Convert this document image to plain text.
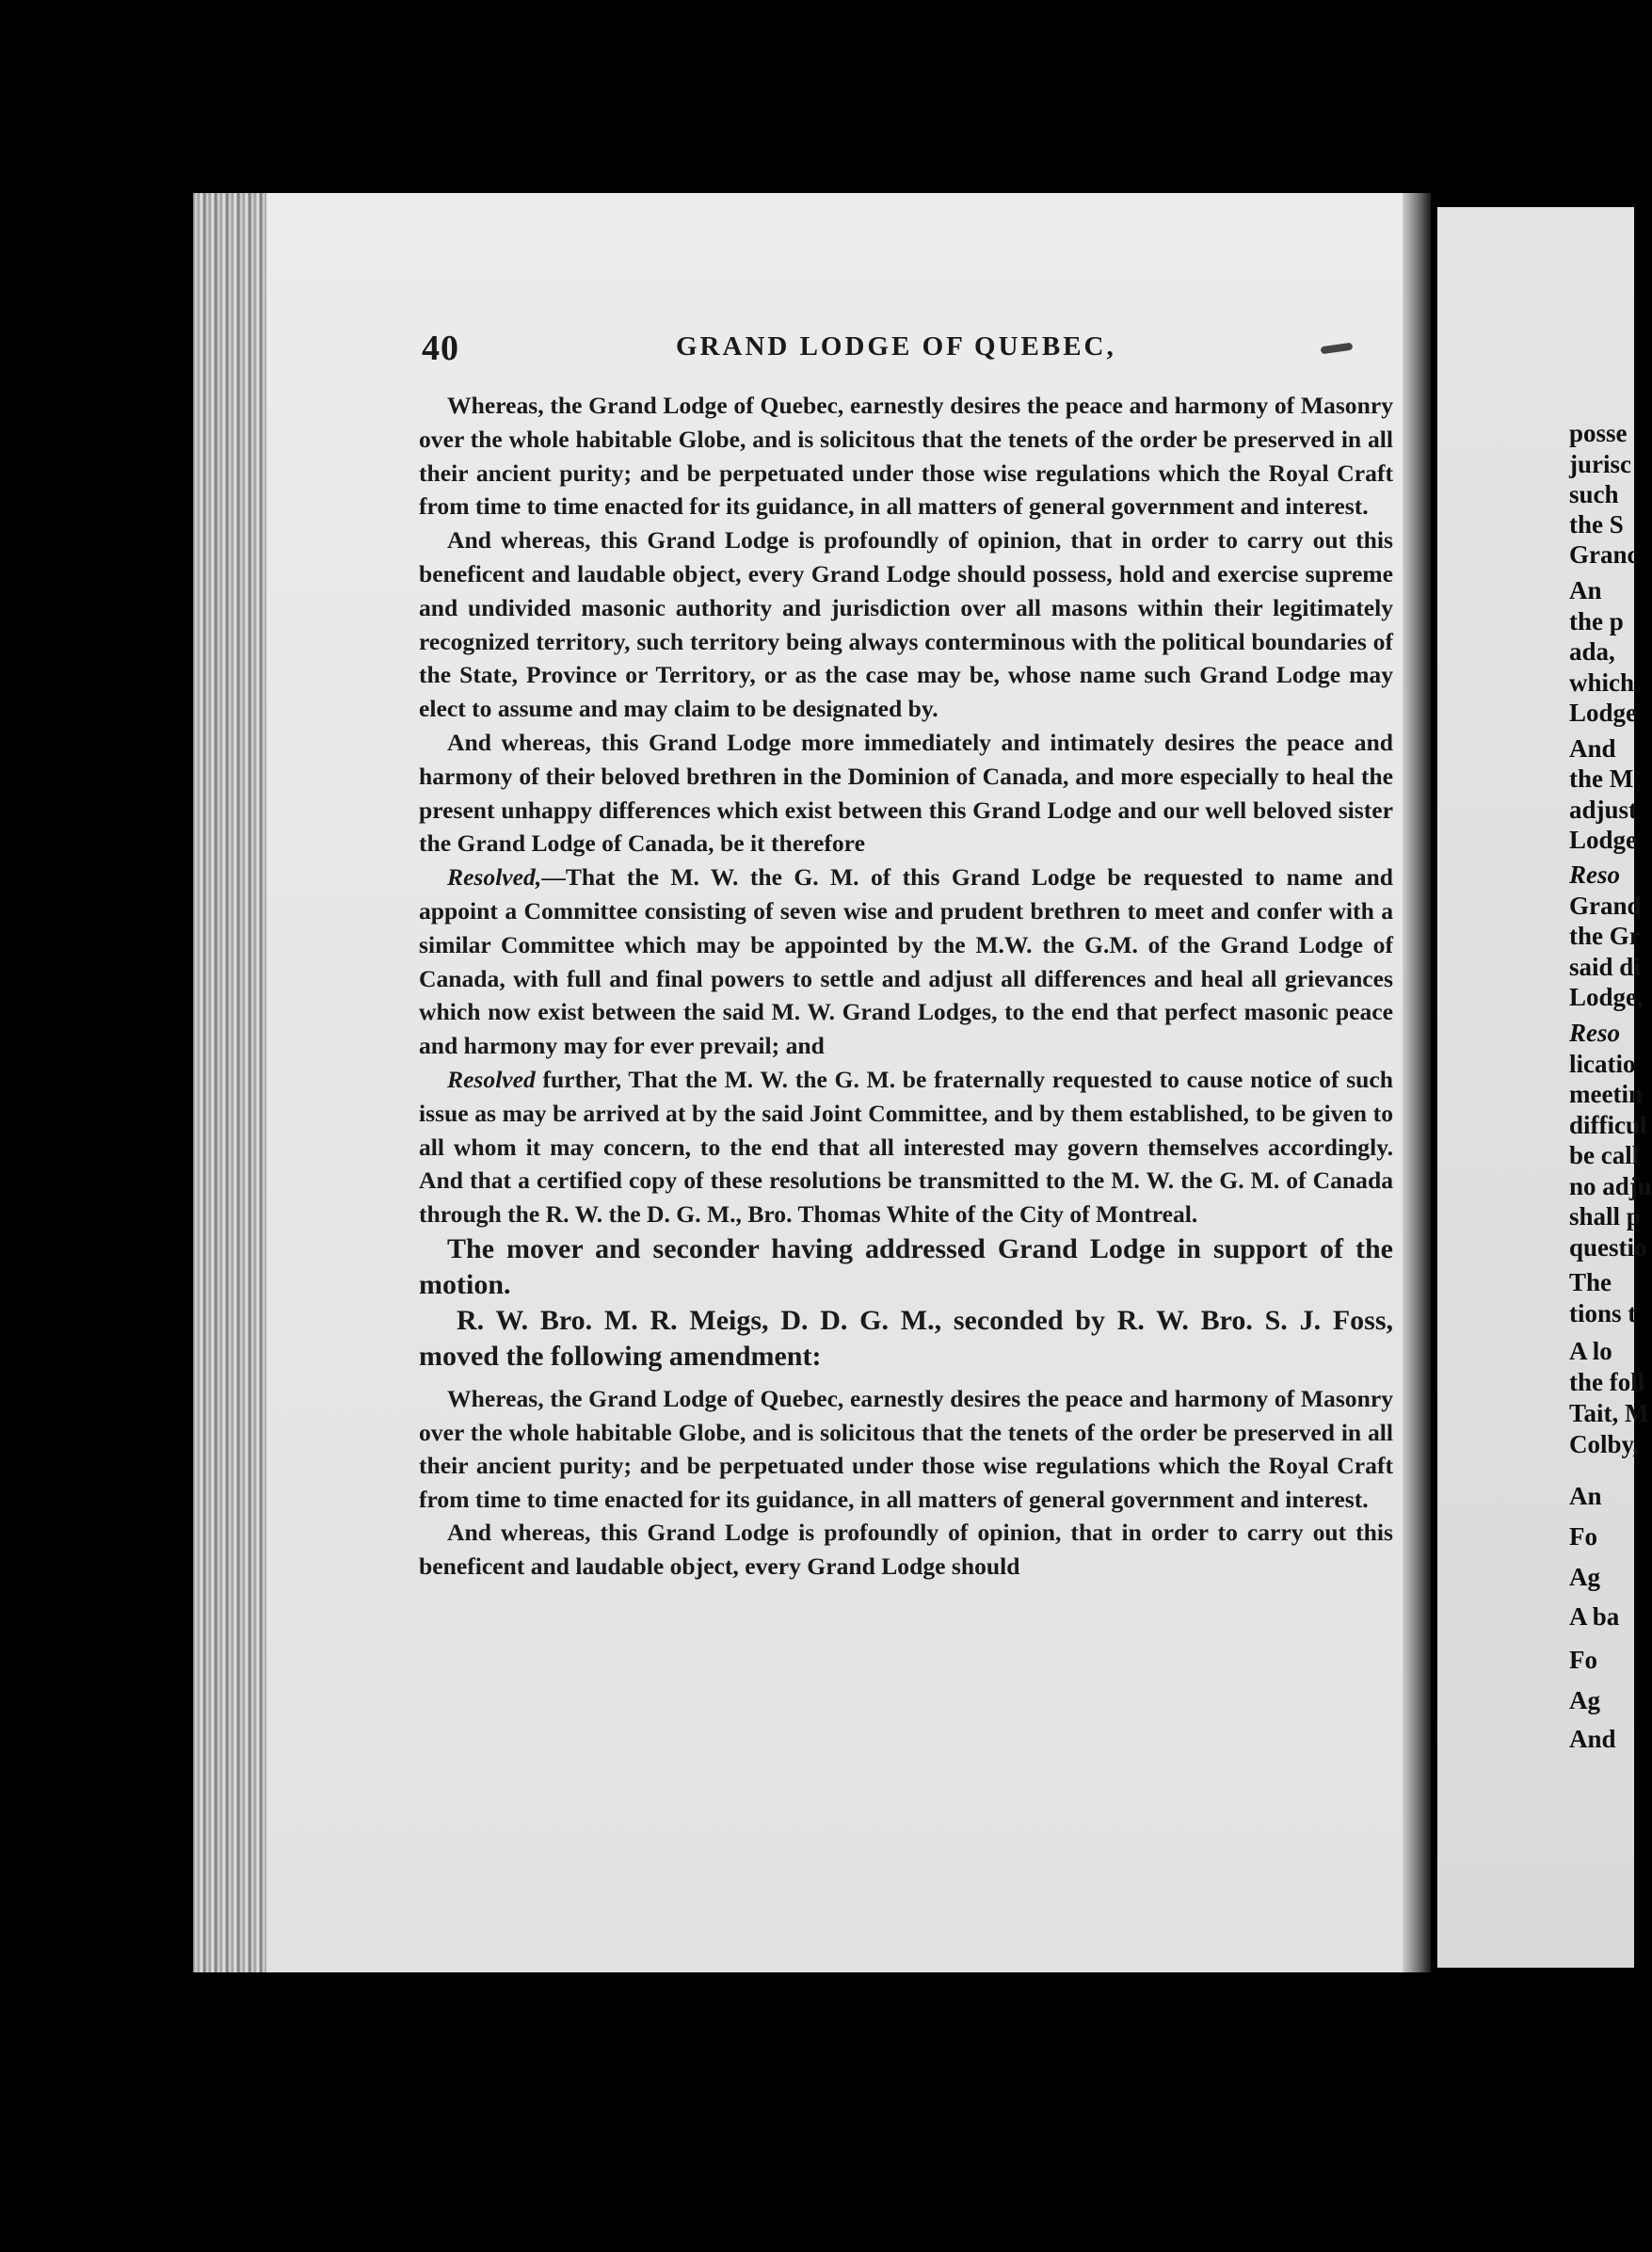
40	GRAND LODGE OF QUEBEC,

Whereas, the Grand Lodge of Quebec, earnestly desires the peace and harmony of Masonry over the whole habitable Globe, and is solicitous that the tenets of the order be preserved in all their ancient purity; and be perpetuated under those wise regulations which the Royal Craft from time to time enacted for its guidance, in all matters of general government and interest.

And whereas, this Grand Lodge is profoundly of opinion, that in order to carry out this beneficent and laudable object, every Grand Lodge should possess, hold and exercise supreme and undivided masonic authority and jurisdiction over all masons within their legitimately recognized territory, such territory being always conterminous with the political boundaries of the State, Province or Territory, or as the case may be, whose name such Grand Lodge may elect to assume and may claim to be designated by.

And whereas, this Grand Lodge more immediately and intimately desires the peace and harmony of their beloved brethren in the Dominion of Canada, and more especially to heal the present unhappy differences which exist between this Grand Lodge and our well beloved sister the Grand Lodge of Canada, be it therefore

Resolved,—That the M. W. the G. M. of this Grand Lodge be requested to name and appoint a Committee consisting of seven wise and prudent brethren to meet and confer with a similar Committee which may be appointed by the M.W. the G.M. of the Grand Lodge of Canada, with full and final powers to settle and adjust all differences and heal all grievances which now exist between the said M. W. Grand Lodges, to the end that perfect masonic peace and harmony may for ever prevail; and

Resolved further, That the M. W. the G. M. be fraternally requested to cause notice of such issue as may be arrived at by the said Joint Committee, and by them established, to be given to all whom it may concern, to the end that all interested may govern themselves accordingly. And that a certified copy of these resolutions be transmitted to the M. W. the G. M. of Canada through the R. W. the D. G. M., Bro. Thomas White of the City of Montreal.

The mover and seconder having addressed Grand Lodge in support of the motion.

R. W. Bro. M. R. Meigs, D. D. G. M., seconded by R. W. Bro. S. J. Foss, moved the following amendment:

Whereas, the Grand Lodge of Quebec, earnestly desires the peace and harmony of Masonry over the whole habitable Globe, and is solicitous that the tenets of the order be preserved in all their ancient purity; and be perpetuated under those wise regulations which the Royal Craft from time to time enacted for its guidance, in all matters of general government and interest.

And whereas, this Grand Lodge is profoundly of opinion, that in order to carry out this beneficent and laudable object, every Grand Lodge should

posse
jurisc
such
the S
Granc
An
the p
ada,
which
Lodge
And
the M
adjust
Lodge
Reso
Grand
the Gr
said di
Lodge,
Reso
licatio
meetin
difficul
be call
no adju
shall p
questio
The
tions t
A lo
the foll
Tait, M
Colby,
An
Fo
Ag
A ba
Fo
Ag
And
